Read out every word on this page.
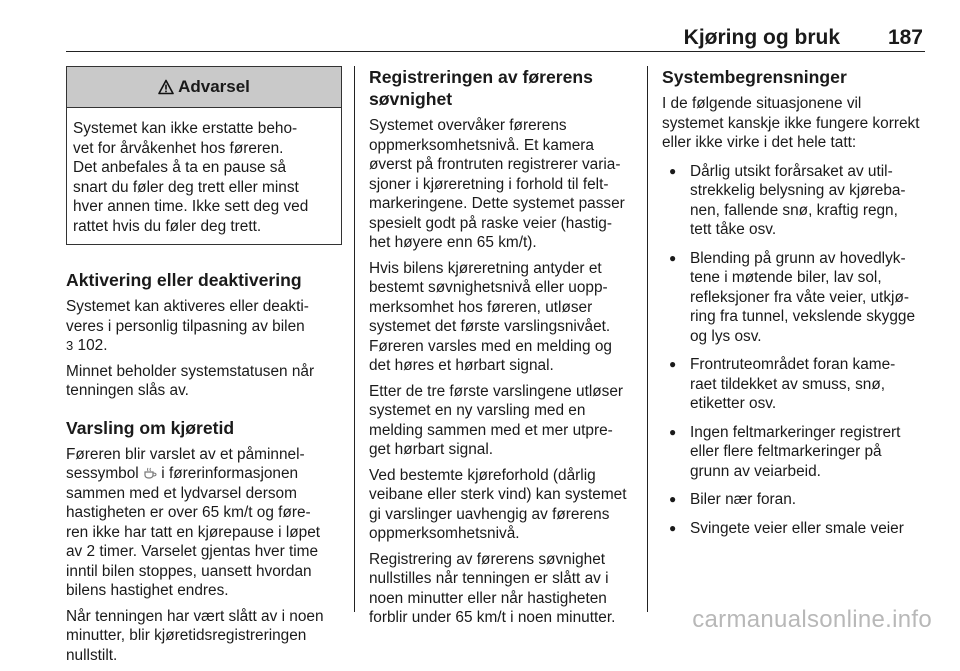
Kjøring og bruk 187
Advarsel
Systemet kan ikke erstatte beho-
vet for årvåkenhet hos føreren.
Det anbefales å ta en pause så
snart du føler deg trett eller minst
hver annen time. Ikke sett deg ved
rattet hvis du føler deg trett.
Aktivering eller deaktivering

Systemet kan aktiveres eller deakti-
veres i personlig tilpasning av bilen
3 102.

Minnet beholder systemstatusen når
tenningen slås av.

Varsling om kjøretid

Føreren blir varslet av et påminnel-
sessymbol  i førerinformasjonen
sammen med et lydvarsel dersom
hastigheten er over 65 km/t og føre-
ren ikke har tatt en kjørepause i løpet
av 2 timer. Varselet gjentas hver time
inntil bilen stoppes, uansett hvordan
bilens hastighet endres.

Når tenningen har vært slått av i noen
minutter, blir kjøretidsregistreringen
nullstilt.

Registreringen av førerens
søvnighet

Systemet overvåker førerens
oppmerksomhetsnivå. Et kamera
øverst på frontruten registrerer varia-
sjoner i kjøreretning i forhold til felt-
markeringene. Dette systemet passer
spesielt godt på raske veier (hastig-
het høyere enn 65 km/t).

Hvis bilens kjøreretning antyder et
bestemt søvnighetsnivå eller uopp-
merksomhet hos føreren, utløser
systemet det første varslingsnivået.
Føreren varsles med en melding og
det høres et hørbart signal.

Etter de tre første varslingene utløser
systemet en ny varsling med en
melding sammen med et mer utpre-
get hørbart signal.

Ved bestemte kjøreforhold (dårlig
veibane eller sterk vind) kan systemet
gi varslinger uavhengig av førerens
oppmerksomhetsnivå.

Registrering av førerens søvnighet
nullstilles når tenningen er slått av i
noen minutter eller når hastigheten
forblir under 65 km/t i noen minutter.

Systembegrensninger

I de følgende situasjonene vil
systemet kanskje ikke fungere korrekt
eller ikke virke i det hele tatt:

● Dårlig utsikt forårsaket av util-
strekkelig belysning av kjøreba-
nen, fallende snø, kraftig regn,
tett tåke osv.
● Blending på grunn av hovedlyk-
tene i møtende biler, lav sol,
refleksjoner fra våte veier, utkjø-
ring fra tunnel, vekslende skygge
og lys osv.
● Frontruteområdet foran kame-
raet tildekket av smuss, snø,
etiketter osv.
● Ingen feltmarkeringer registrert
eller flere feltmarkeringer på
grunn av veiarbeid.
● Biler nær foran.
● Svingete veier eller smale veier
carmanualsonline.info
